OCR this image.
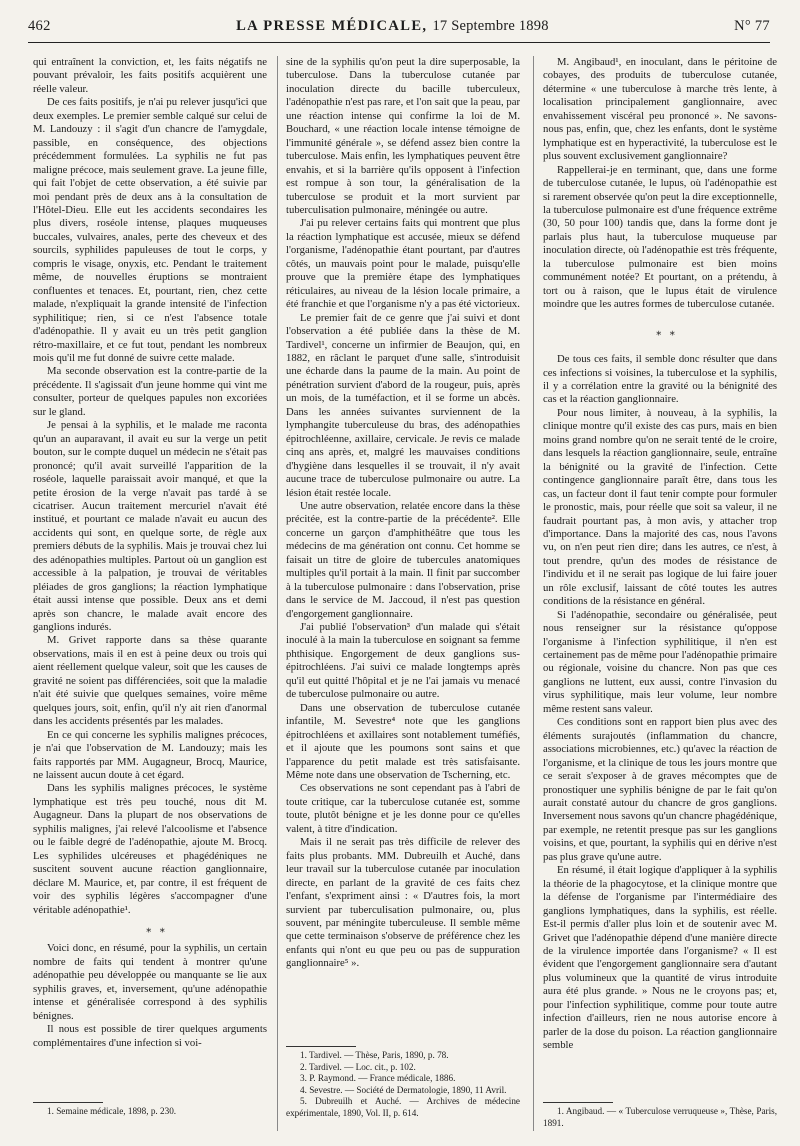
462	LA PRESSE MÉDICALE, 17 Septembre 1898	N° 77

qui entraînent la conviction, et, les faits négatifs ne pouvant prévaloir, les faits positifs acquièrent une réelle valeur.

De ces faits positifs, je n'ai pu relever jusqu'ici que deux exemples. Le premier semble calqué sur celui de M. Landouzy : il s'agit d'un chancre de l'amygdale, passible, en conséquence, des objections précédemment formulées. La syphilis ne fut pas maligne précoce, mais seulement grave. La jeune fille, qui fait l'objet de cette observation, a été suivie par moi pendant près de deux ans à la consultation de l'Hôtel-Dieu. Elle eut les accidents secondaires les plus divers, roséole intense, plaques muqueuses buccales, vulvaires, anales, perte des cheveux et des sourcils, syphilides papuleuses de tout le corps, y compris le visage, onyxis, etc. Pendant le traitement même, de nouvelles éruptions se montraient confluentes et tenaces. Et, pourtant, rien, chez cette malade, n'expliquait la grande intensité de l'infection syphilitique; rien, si ce n'est l'absence totale d'adénopathie. Il y avait eu un très petit ganglion rétro-maxillaire, et ce fut tout, pendant les nombreux mois qu'il me fut donné de suivre cette malade.

Ma seconde observation est la contre-partie de la précédente. Il s'agissait d'un jeune homme qui vint me consulter, porteur de quelques papules non excoriées sur le gland.

Je pensai à la syphilis, et le malade me raconta qu'un an auparavant, il avait eu sur la verge un petit bouton, sur le compte duquel un médecin ne s'était pas prononcé; qu'il avait surveillé l'apparition de la roséole, laquelle paraissait avoir manqué, et que la petite érosion de la verge n'avait pas tardé à se cicatriser. Aucun traitement mercuriel n'avait été institué, et pourtant ce malade n'avait eu aucun des accidents qui sont, en quelque sorte, de règle aux premiers débuts de la syphilis. Mais je trouvai chez lui des adénopathies multiples. Partout où un ganglion est accessible à la palpation, je trouvai de véritables pléiades de gros ganglions; la réaction lymphatique était aussi intense que possible. Deux ans et demi après son chancre, le malade avait encore des ganglions indurés.

M. Grivet rapporte dans sa thèse quarante observations, mais il en est à peine deux ou trois qui aient réellement quelque valeur, soit que les causes de gravité ne soient pas différenciées, soit que la maladie n'ait été suivie que quelques semaines, voire même quelques jours, soit, enfin, qu'il n'y ait rien d'anormal dans les accidents présentés par les malades.

En ce qui concerne les syphilis malignes précoces, je n'ai que l'observation de M. Landouzy; mais les faits rapportés par MM. Augagneur, Brocq, Maurice, ne laissent aucun doute à cet égard.

Dans les syphilis malignes précoces, le système lymphatique est très peu touché, nous dit M. Augagneur. Dans la plupart de nos observations de syphilis malignes, j'ai relevé l'alcoolisme et l'absence ou le faible degré de l'adénopathie, ajoute M. Brocq. Les syphilides ulcéreuses et phagédéniques ne suscitent souvent aucune réaction ganglionnaire, déclare M. Maurice, et, par contre, il est fréquent de voir des syphilis légères s'accompagner d'une véritable adénopathie¹.

⁎ ⁎

Voici donc, en résumé, pour la syphilis, un certain nombre de faits qui tendent à montrer qu'une adénopathie peu développée ou manquante se lie aux syphilis graves, et, inversement, qu'une adénopathie intense et généralisée correspond à des syphilis bénignes.

Il nous est possible de tirer quelques arguments complémentaires d'une infection si voi-

1. Semaine médicale, 1898, p. 230.

sine de la syphilis qu'on peut la dire superposable, la tuberculose. Dans la tuberculose cutanée par inoculation directe du bacille tuberculeux, l'adénopathie n'est pas rare, et l'on sait que la peau, par une réaction intense qui confirme la loi de M. Bouchard, « une réaction locale intense témoigne de l'immunité générale », se défend assez bien contre la tuberculose. Mais enfin, les lymphatiques peuvent être envahis, et si la barrière qu'ils opposent à l'infection est rompue à son tour, la généralisation de la tuberculose se produit et la mort survient par tuberculisation pulmonaire, méningée ou autre.

J'ai pu relever certains faits qui montrent que plus la réaction lymphatique est accusée, mieux se défend l'organisme, l'adénopathie étant pourtant, par d'autres côtés, un mauvais point pour le malade, puisqu'elle prouve que la première étape des lymphatiques réticulaires, au niveau de la lésion locale primaire, a été franchie et que l'organisme n'y a pas été victorieux.

Le premier fait de ce genre que j'ai suivi et dont l'observation a été publiée dans la thèse de M. Tardivel¹, concerne un infirmier de Beaujon, qui, en 1882, en râclant le parquet d'une salle, s'introduisit une écharde dans la paume de la main. Au point de pénétration survient d'abord de la rougeur, puis, après un mois, de la tuméfaction, et il se forme un abcès. Dans les années suivantes surviennent de la lymphangite tuberculeuse du bras, des adénopathies épitrochléenne, axillaire, cervicale. Je revis ce malade cinq ans après, et, malgré les mauvaises conditions d'hygiène dans lesquelles il se trouvait, il n'y avait aucune trace de tuberculose pulmonaire ou autre. La lésion était restée locale.

Une autre observation, relatée encore dans la thèse précitée, est la contre-partie de la précédente². Elle concerne un garçon d'amphithéâtre que tous les médecins de ma génération ont connu. Cet homme se faisait un titre de gloire de tubercules anatomiques multiples qu'il portait à la main. Il finit par succomber à la tuberculose pulmonaire : dans l'observation, prise dans le service de M. Jaccoud, il n'est pas question d'engorgement ganglionnaire.

J'ai publié l'observation³ d'un malade qui s'était inoculé à la main la tuberculose en soignant sa femme phthisique. Engorgement de deux ganglions sus-épitrochléens. J'ai suivi ce malade longtemps après qu'il eut quitté l'hôpital et je ne l'ai jamais vu menacé de tuberculose pulmonaire ou autre.

Dans une observation de tuberculose cutanée infantile, M. Sevestre⁴ note que les ganglions épitrochléens et axillaires sont notablement tuméfiés, et il ajoute que les poumons sont sains et que l'apparence du petit malade est très satisfaisante. Même note dans une observation de Tscherning, etc.

Ces observations ne sont cependant pas à l'abri de toute critique, car la tuberculose cutanée est, somme toute, plutôt bénigne et je les donne pour ce qu'elles valent, à titre d'indication.

Mais il ne serait pas très difficile de relever des faits plus probants. MM. Dubreuilh et Auché, dans leur travail sur la tuberculose cutanée par inoculation directe, en parlant de la gravité de ces faits chez l'enfant, s'expriment ainsi : « D'autres fois, la mort survient par tuberculisation pulmonaire, ou, plus souvent, par méningite tuberculeuse. Il semble même que cette terminaison s'observe de préférence chez les enfants qui n'ont eu que peu ou pas de suppuration ganglionnaire⁵ ».

1. Tardivel. — Thèse, Paris, 1890, p. 78.

2. Tardivel. — Loc. cit., p. 102.

3. P. Raymond. — France médicale, 1886.

4. Sevestre. — Société de Dermatologie, 1890, 11 Avril.

5. Dubreuilh et Auché. — Archives de médecine expérimentale, 1890, Vol. II, p. 614.

M. Angibaud¹, en inoculant, dans le péritoine de cobayes, des produits de tuberculose cutanée, détermine « une tuberculose à marche très lente, à localisation principalement ganglionnaire, avec envahissement viscéral peu prononcé ». Ne savons-nous pas, enfin, que, chez les enfants, dont le système lymphatique est en hyperactivité, la tuberculose est le plus souvent exclusivement ganglionnaire?

Rappellerai-je en terminant, que, dans une forme de tuberculose cutanée, le lupus, où l'adénopathie est si rarement observée qu'on peut la dire exceptionnelle, la tuberculose pulmonaire est d'une fréquence extrême (30, 50 pour 100) tandis que, dans la forme dont je parlais plus haut, la tuberculose muqueuse par inoculation directe, où l'adénopathie est très fréquente, la tuberculose pulmonaire est bien moins communément notée? Et pourtant, on a prétendu, à tort ou à raison, que le lupus était de virulence moindre que les autres formes de tuberculose cutanée.

⁎ ⁎

De tous ces faits, il semble donc résulter que dans ces infections si voisines, la tuberculose et la syphilis, il y a corrélation entre la gravité ou la bénignité des cas et la réaction ganglionnaire.

Pour nous limiter, à nouveau, à la syphilis, la clinique montre qu'il existe des cas purs, mais en bien moins grand nombre qu'on ne serait tenté de le croire, dans lesquels la réaction ganglionnaire, seule, entraîne la bénignité ou la gravité de l'infection. Cette contingence ganglionnaire paraît être, dans tous les cas, un facteur dont il faut tenir compte pour formuler le pronostic, mais, pour réelle que soit sa valeur, il ne faudrait pourtant pas, à mon avis, y attacher trop d'importance. Dans la majorité des cas, nous l'avons vu, on n'en peut rien dire; dans les autres, ce n'est, à tout prendre, qu'un des modes de résistance de l'individu et il ne serait pas logique de lui faire jouer un rôle exclusif, laissant de côté toutes les autres conditions de la résistance en général.

Si l'adénopathie, secondaire ou généralisée, peut nous renseigner sur la résistance qu'oppose l'organisme à l'infection syphilitique, il n'en est certainement pas de même pour l'adénopathie primaire ou régionale, voisine du chancre. Non pas que ces ganglions ne luttent, eux aussi, contre l'invasion du virus syphilitique, mais leur volume, leur nombre même restent sans valeur.

Ces conditions sont en rapport bien plus avec des éléments surajoutés (inflammation du chancre, associations microbiennes, etc.) qu'avec la réaction de l'organisme, et la clinique de tous les jours montre que ce serait s'exposer à de graves mécomptes que de pronostiquer une syphilis bénigne de par le fait qu'on aurait constaté autour du chancre de gros ganglions. Inversement nous savons qu'un chancre phagédénique, par exemple, ne retentit presque pas sur les ganglions voisins, et que, pourtant, la syphilis qui en dérive n'est pas plus grave qu'une autre.

En résumé, il était logique d'appliquer à la syphilis la théorie de la phagocytose, et la clinique montre que la défense de l'organisme par l'intermédiaire des ganglions lymphatiques, dans la syphilis, est réelle. Est-il permis d'aller plus loin et de soutenir avec M. Grivet que l'adénopathie dépend d'une manière directe de la virulence importée dans l'organisme? « Il est évident que l'engorgement ganglionnaire sera d'autant plus volumineux que la quantité de virus introduite aura été plus grande. » Nous ne le croyons pas; et, pour l'infection syphilitique, comme pour toute autre infection d'ailleurs, rien ne nous autorise encore à parler de la dose du poison. La réaction ganglionnaire semble

1. Angibaud. — « Tuberculose verruqueuse », Thèse, Paris, 1891.
